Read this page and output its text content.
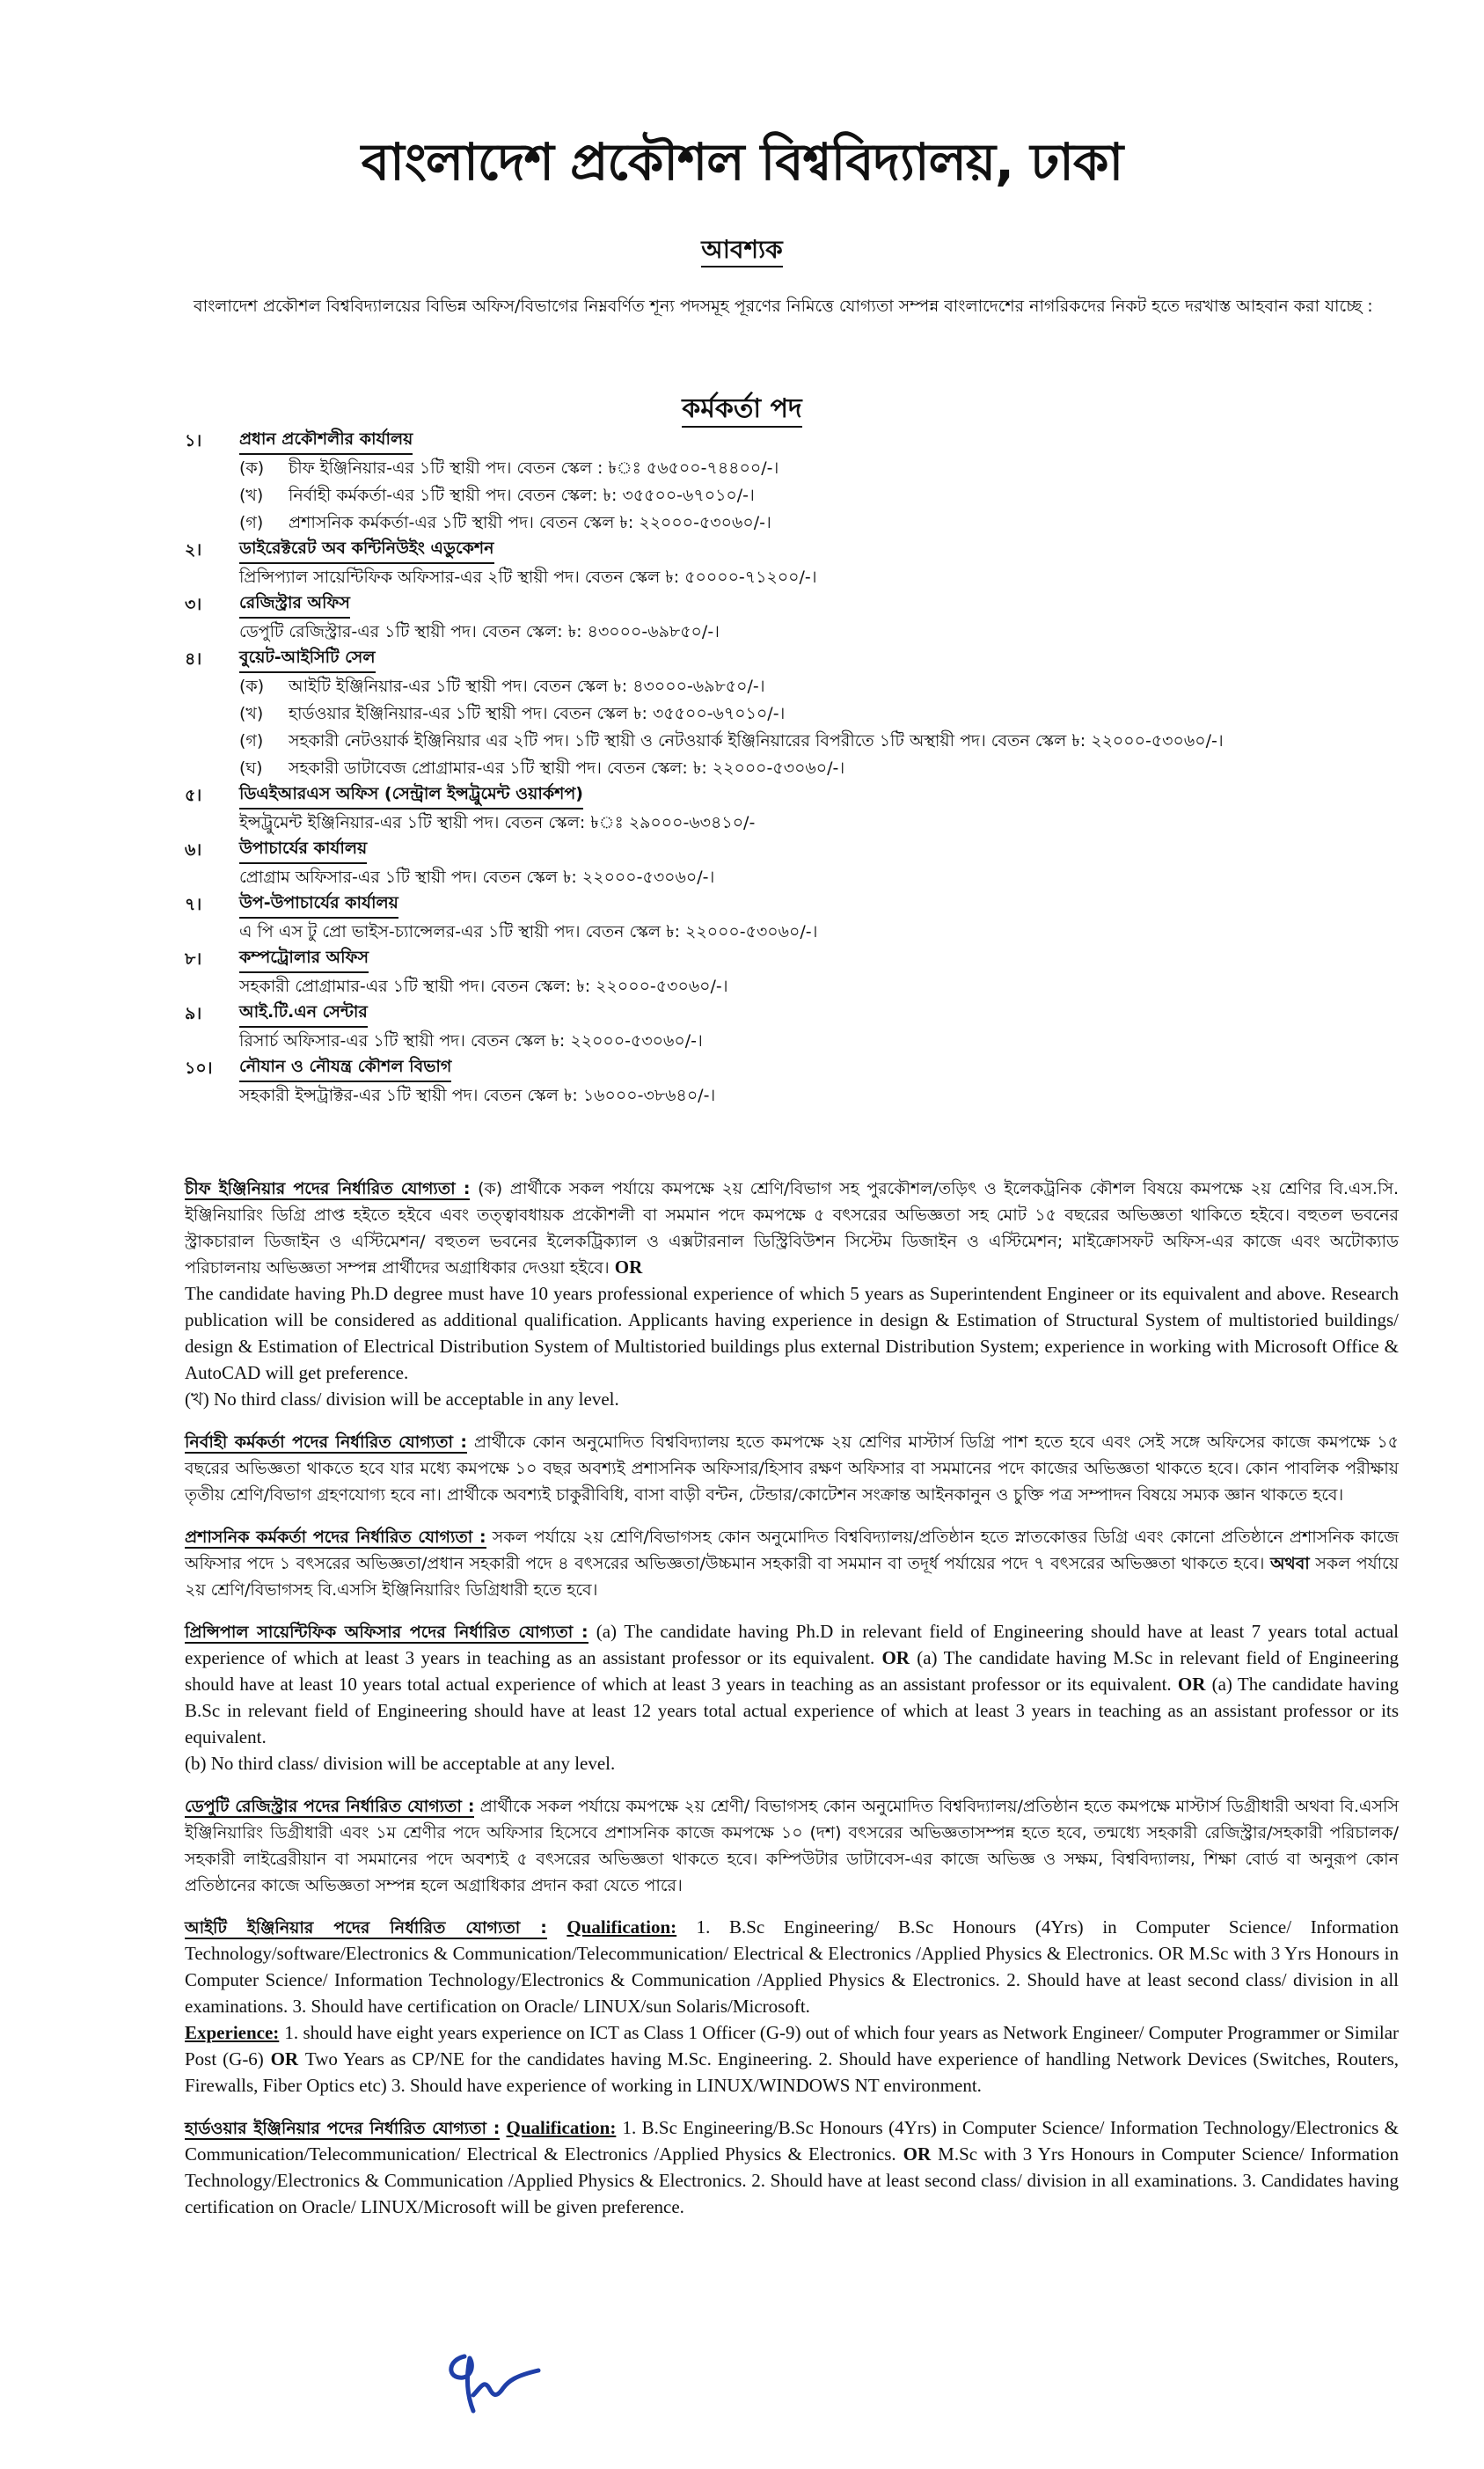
বাংলাদেশ প্রকৌশল বিশ্ববিদ্যালয়, ঢাকা
আবশ্যক
বাংলাদেশ প্রকৌশল বিশ্ববিদ্যালয়ের বিভিন্ন অফিস/বিভাগের নিম্নবর্ণিত শূন্য পদসমূহ পূরণের নিমিত্তে যোগ্যতা সম্পন্ন বাংলাদেশের নাগরিকদের নিকট হতে দরখাস্ত আহবান করা যাচ্ছে :
কর্মকর্তা পদ
১।	প্রধান প্রকৌশলীর কার্যালয়
(ক)	চীফ ইঞ্জিনিয়ার-এর ১টি স্থায়ী পদ। বেতন স্কেল : ৳ঃ ৫৬৫০০-৭৪৪০০/-।
(খ)	নির্বাহী কর্মকর্তা-এর ১টি স্থায়ী পদ। বেতন স্কেল: ৳: ৩৫৫০০-৬৭০১০/-।
(গ)	প্রশাসনিক কর্মকর্তা-এর ১টি স্থায়ী পদ। বেতন স্কেল ৳: ২২০০০-৫৩০৬০/-।
২।	ডাইরেক্টরেট অব কন্টিনিউইং এডুকেশন
প্রিন্সিপ্যাল সায়েন্টিফিক অফিসার-এর ২টি স্থায়ী পদ। বেতন স্কেল ৳: ৫০০০০-৭১২০০/-।
৩।	রেজিস্ট্রার অফিস
ডেপুটি রেজিস্ট্রার-এর ১টি স্থায়ী পদ। বেতন স্কেল: ৳: ৪৩০০০-৬৯৮৫০/-।
৪।	বুয়েট-আইসিটি সেল
(ক)	আইটি ইঞ্জিনিয়ার-এর ১টি স্থায়ী পদ। বেতন স্কেল ৳: ৪৩০০০-৬৯৮৫০/-।
(খ)	হার্ডওয়ার ইঞ্জিনিয়ার-এর ১টি স্থায়ী পদ। বেতন স্কেল ৳: ৩৫৫০০-৬৭০১০/-।
(গ)	সহকারী নেটওয়ার্ক ইঞ্জিনিয়ার এর ২টি পদ। ১টি স্থায়ী ও নেটওয়ার্ক ইঞ্জিনিয়ারের বিপরীতে ১টি অস্থায়ী পদ। বেতন স্কেল ৳: ২২০০০-৫৩০৬০/-।
(ঘ)	সহকারী ডাটাবেজ প্রোগ্রামার-এর ১টি স্থায়ী পদ। বেতন স্কেল: ৳: ২২০০০-৫৩০৬০/-।
৫।	ডিএইআরএস অফিস (সেন্ট্রাল ইন্সট্রুমেন্ট ওয়ার্কশপ)
ইন্সট্রুমেন্ট ইঞ্জিনিয়ার-এর ১টি স্থায়ী পদ। বেতন স্কেল: ৳ঃ ২৯০০০-৬৩৪১০/-
৬।	উপাচার্যের কার্যালয়
প্রোগ্রাম অফিসার-এর ১টি স্থায়ী পদ। বেতন স্কেল ৳: ২২০০০-৫৩০৬০/-।
৭।	উপ-উপাচার্যের কার্যালয়
এ পি এস টু প্রো ভাইস-চ্যান্সেলর-এর ১টি স্থায়ী পদ। বেতন স্কেল ৳: ২২০০০-৫৩০৬০/-।
৮।	কম্পট্রোলার অফিস
সহকারী প্রোগ্রামার-এর ১টি স্থায়ী পদ। বেতন স্কেল: ৳: ২২০০০-৫৩০৬০/-।
৯।	আই.টি.এন সেন্টার
রিসার্চ অফিসার-এর ১টি স্থায়ী পদ। বেতন স্কেল ৳: ২২০০০-৫৩০৬০/-।
১০।	নৌযান ও নৌযন্ত্র কৌশল বিভাগ
সহকারী ইন্সট্রাক্টর-এর ১টি স্থায়ী পদ। বেতন স্কেল ৳: ১৬০০০-৩৮৬৪০/-।
চীফ ইঞ্জিনিয়ার পদের নির্ধারিত যোগ্যতা : (ক) প্রার্থীকে সকল পর্যায়ে কমপক্ষে ২য় শ্রেণি/বিভাগ সহ পুরকৌশল/তড়িৎ ও ইলেকট্রনিক কৌশল বিষয়ে কমপক্ষে ২য় শ্রেণির বি.এস.সি. ইঞ্জিনিয়ারিং ডিগ্রি প্রাপ্ত হইতে হইবে এবং তত্ত্বাবধায়ক প্রকৌশলী বা সমমান পদে কমপক্ষে ৫ বৎসরের অভিজ্ঞতা সহ মোট ১৫ বছরের অভিজ্ঞতা থাকিতে হইবে। বহুতল ভবনের স্ট্রাকচারাল ডিজাইন ও এস্টিমেশন/ বহুতল ভবনের ইলেকট্রিক্যাল ও এক্সটারনাল ডিস্ট্রিবিউশন সিস্টেম ডিজাইন ও এস্টিমেশন; মাইক্রোসফট অফিস-এর কাজে এবং অটোক্যাড পরিচালনায় অভিজ্ঞতা সম্পন্ন প্রার্থীদের অগ্রাধিকার দেওয়া হইবে। OR
The candidate having Ph.D degree must have 10 years professional experience of which 5 years as Superintendent Engineer or its equivalent and above. Research publication will be considered as additional qualification. Applicants having experience in design & Estimation of Structural System of multistoried buildings/ design & Estimation of Electrical Distribution System of Multistoried buildings plus external Distribution System; experience in working with Microsoft Office & AutoCAD will get preference.
(খ) No third class/ division will be acceptable in any level.
নির্বাহী কর্মকর্তা পদের নির্ধারিত যোগ্যতা : প্রার্থীকে কোন অনুমোদিত বিশ্ববিদ্যালয় হতে কমপক্ষে ২য় শ্রেণির মাস্টার্স ডিগ্রি পাশ হতে হবে এবং সেই সঙ্গে অফিসের কাজে কমপক্ষে ১৫ বছরের অভিজ্ঞতা থাকতে হবে যার মধ্যে কমপক্ষে ১০ বছর অবশ্যই প্রশাসনিক অফিসার/হিসাব রক্ষণ অফিসার বা সমমানের পদে কাজের অভিজ্ঞতা থাকতে হবে। কোন পাবলিক পরীক্ষায় তৃতীয় শ্রেণি/বিভাগ গ্রহণযোগ্য হবে না। প্রার্থীকে অবশ্যই চাকুরীবিধি, বাসা বাড়ী বন্টন, টেন্ডার/কোটেশন সংক্রান্ত আইনকানুন ও চুক্তি পত্র সম্পাদন বিষয়ে সম্যক জ্ঞান থাকতে হবে।
প্রশাসনিক কর্মকর্তা পদের নির্ধারিত যোগ্যতা : সকল পর্যায়ে ২য় শ্রেণি/বিভাগসহ কোন অনুমোদিত বিশ্ববিদ্যালয়/প্রতিষ্ঠান হতে স্নাতকোত্তর ডিগ্রি এবং কোনো প্রতিষ্ঠানে প্রশাসনিক কাজে অফিসার পদে ১ বৎসরের অভিজ্ঞতা/প্রধান সহকারী পদে ৪ বৎসরের অভিজ্ঞতা/উচ্চমান সহকারী বা সমমান বা তদূর্ধ পর্যায়ের পদে ৭ বৎসরের অভিজ্ঞতা থাকতে হবে। অথবা সকল পর্যায়ে ২য় শ্রেণি/বিভাগসহ বি.এসসি ইঞ্জিনিয়ারিং ডিগ্রিধারী হতে হবে।
প্রিন্সিপাল সায়েন্টিফিক অফিসার পদের নির্ধারিত যোগ্যতা : (a) The candidate having Ph.D in relevant field of Engineering should have at least 7 years total actual experience of which at least 3 years in teaching as an assistant professor or its equivalent. OR (a) The candidate having M.Sc in relevant field of Engineering should have at least 10 years total actual experience of which at least 3 years in teaching as an assistant professor or its equivalent. OR (a) The candidate having B.Sc in relevant field of Engineering should have at least 12 years total actual experience of which at least 3 years in teaching as an assistant professor or its equivalent.
(b) No third class/ division will be acceptable at any level.
ডেপুটি রেজিস্ট্রার পদের নির্ধারিত যোগ্যতা : প্রার্থীকে সকল পর্যায়ে কমপক্ষে ২য় শ্রেণী/ বিভাগসহ কোন অনুমোদিত বিশ্ববিদ্যালয়/প্রতিষ্ঠান হতে কমপক্ষে মাস্টার্স ডিগ্রীধারী অথবা বি.এসসি ইঞ্জিনিয়ারিং ডিগ্রীধারী এবং ১ম শ্রেণীর পদে অফিসার হিসেবে প্রশাসনিক কাজে কমপক্ষে ১০ (দশ) বৎসরের অভিজ্ঞতাসম্পন্ন হতে হবে, তন্মধ্যে সহকারী রেজিস্ট্রার/সহকারী পরিচালক/সহকারী লাইব্রেরীয়ান বা সমমানের পদে অবশ্যই ৫ বৎসরের অভিজ্ঞতা থাকতে হবে। কম্পিউটার ডাটাবেস-এর কাজে অভিজ্ঞ ও সক্ষম, বিশ্ববিদ্যালয়, শিক্ষা বোর্ড বা অনুরূপ কোন প্রতিষ্ঠানের কাজে অভিজ্ঞতা সম্পন্ন হলে অগ্রাধিকার প্রদান করা যেতে পারে।
আইটি ইঞ্জিনিয়ার পদের নির্ধারিত যোগ্যতা : Qualification: 1. B.Sc Engineering/ B.Sc Honours (4Yrs) in Computer Science/ Information Technology/software/Electronics & Communication/Telecommunication/ Electrical & Electronics /Applied Physics & Electronics. OR M.Sc with 3 Yrs Honours in Computer Science/ Information Technology/Electronics & Communication /Applied Physics & Electronics. 2. Should have at least second class/ division in all examinations. 3. Should have certification on Oracle/ LINUX/sun Solaris/Microsoft.
Experience: 1. should have eight years experience on ICT as Class 1 Officer (G-9) out of which four years as Network Engineer/ Computer Programmer or Similar Post (G-6) OR Two Years as CP/NE for the candidates having M.Sc. Engineering. 2. Should have experience of handling Network Devices (Switches, Routers, Firewalls, Fiber Optics etc) 3. Should have experience of working in LINUX/WINDOWS NT environment.
হার্ডওয়ার ইঞ্জিনিয়ার পদের নির্ধারিত যোগ্যতা : Qualification: 1. B.Sc Engineering/B.Sc Honours (4Yrs) in Computer Science/ Information Technology/Electronics & Communication/Telecommunication/ Electrical & Electronics /Applied Physics & Electronics. OR M.Sc with 3 Yrs Honours in Computer Science/ Information Technology/Electronics & Communication /Applied Physics & Electronics. 2. Should have at least second class/ division in all examinations. 3. Candidates having certification on Oracle/ LINUX/Microsoft will be given preference.
